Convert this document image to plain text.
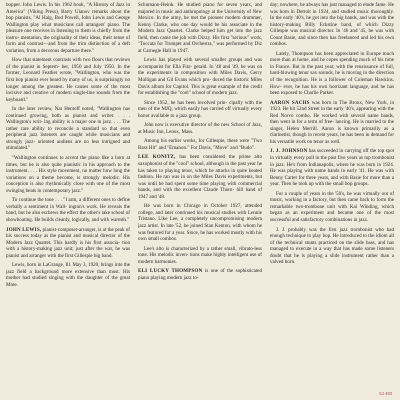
bopper. John Lewis. In his 1962 book, "A History of Jazz in America" (Viking Press), Barry Ulanov remarks about the bop pianists, "Al Haig, Bud Powell, John Lewis and George Wallington play what musicians call arrangers' piano. The pleasure one receives in listening to them is chiefly from the instru- mentation, the originality of their ideas, their sense of form and contrast—and from the trim distinction of a deft variation, from a decorous departure there."

How that statement contrasts with two floors that reviews of the pianist in Septem- ber, 1950 and July 1950. In the former, Leonard Feather wrote, "Wallington, who was the first bop pianist ever heard by many of us, is surprisingly no longer among the greatest. He causes some of the most incisive and creative of modern single-line sounds from the keyboard."

In the later review, Nat Hentoff noted, "Wallington has continued growing, both as pianist and writer. . . . Wallington's writ- ing ability is a major one in jazz. . . . The rather rare ability to reconcile a standard so that even peripheral jazz listeners are caught while musicians and strongly jazz- oriented audiens are no less intrigued and stimulated."

"Wallington continues to accent the piano like a horn at times, but he is also quite pianistic in his approach to the instrument. . . . His style movement, no matter how long the variations on a theme become, is strongly melodic. His conception is also rhythmically close with one of the most swinging beats in contemporary jazz."

To continue the tone . . . "I arm, a different ones to define verbally a sentiment in Wall- ington's work. He reveals the band, but he also eschews the effect the other's take school of showboating. He builds cleanly, logically, and with warmth."

JOHN LEWIS, pianist-composer-arranger, is at the peak of his success today as the pianist and musical director of the Modern Jazz Quartet. This hardly is his first associa- tion with a history-making jazz unit; just after the war, he was pianist and arranger with the first Gillespie big band.

Lewis, born in LaGrange, Ill. May 3, 1920, brings into the jazz field a background more extensive than most. His mother had studied singing with the daughter of the great Mme.

Schumann-Heink. He studied piano for seven years, and majored in music and anthropology at the University of New Mexico. In the army, he met the pioneer modern drummer, Kenny Clarke, who one day would be his associate in the Modern Jazz Quartet. Clarke helped him get into the jazz field, then came the job with Dizzy. His first "serious" work, "Toccata for Trumpet and Orchestra," was performed by Diz at Carnegie Hall in 1947.

Lewis has played with several smaller groups and was accompanist for Ella Fitz- gerald. In '48 and '49, he was on the experiments in composition with Miles Davis, Gerry Mulligan and Gil Evans which pro- duced the historic Miles Davis album for Capitol. This is great example of the credit for establishing the "cool" school of modern jazz.

Since 1952, he has been involved prin- cipally with the men of the MJQ, which easily has carried off virtually every honor available to a jazz group.

John now is executive director of the new School of Jazz, at Music Inn, Lenox, Mass.

Among his earlier works, for Gillespie, these were "Two Bass Hit" and "Emanon." For Davis, "Move" and "Budo".

LEE KONITZ, has been considered the prime alto saxophonist of the "cool" school, although in the past year he has taken to playing tenor, which he attacks in quite heated fashion. He ran was in on the Miles Davis experiments, but was until he had spent some time playing with commercial bands, and with the excellent Claude Thorn- hill band of 1947 and '48.

He was born in Chicago in October 1927, attended college, and later continued his musical studies with Lennie Tristano. Like Lee, a completely uncompromising modern jazz artist. In late '52, he joined Stan Kenton, with whom he was featured for a year. Since, he has worked mostly with his own small combos.

Lee's alto is characterized by a rather small, vibrato-less tone. His melodic inven- tions make highly intelligent use of modern harmonies.

ELI LUCKY THOMPSON is one of the sophisticated piano playing modern jazz to-

day; nowhere, he always has just managed to elude fame. He was born in Detroit in 1924, and studied music thoroughly. In the early '40's, he got into the big bands, and was with the history-making Billy Eckstine band, of which Dizzy Gillespie was musical director. In '46 and '45, he was with Count Basie, and since then has freelanced and led his own combos.

Lately, Thompson has been appreciated in Europe much more than at home, and he copes spending much of his time in France. But in the past year, with the renaissance of full, hard-blowing tenor sax sounds, he is moving in the direction of the recognition. He is a follower of Coleman Hawkins. How- ever, he has his own horrizant language, and he has been exposed to Charlie Parker.

AARON SACHS was born in The Bronx, New York, in 1923. He hit 52nd Street in the early '40's, appearing with the Red Norvo combo. He worked with several name bands, then went in for a term of free- lancing. He is married to the singer, Helen Merrill. Aaron is known primarily as a clarinetist, though in recent years, he has been in demand for his versatile work on tenor as well.

J. J. JOHNSON has succeeded in carrying off the top spot in virtually every poll in the past five years as top trombonist in jazz. He's from Indianapolis, where he was born in 1924. He was playing with name bands in early '41. He was with Benny Carter for three years, and with Basie for more than a year. Then he took up with the small bop groups.

For a couple of years in the '50's, he was virtually out of music, working in a factory, but then came back to form the remarkable two-trombone unit with Kai Winding, which began as an experiment and became one of the most successful and satisfactory combinations in jazz.

J. J. probably was the first jazz trombonist who had enough technique to play bop. He introduced to the idiom all of the technical stunts practiced on the slide bass, and has managed to execute in a way that has made some listeners doubt that he is playing a slide instrument rather than a valved horn.

SJ 483
